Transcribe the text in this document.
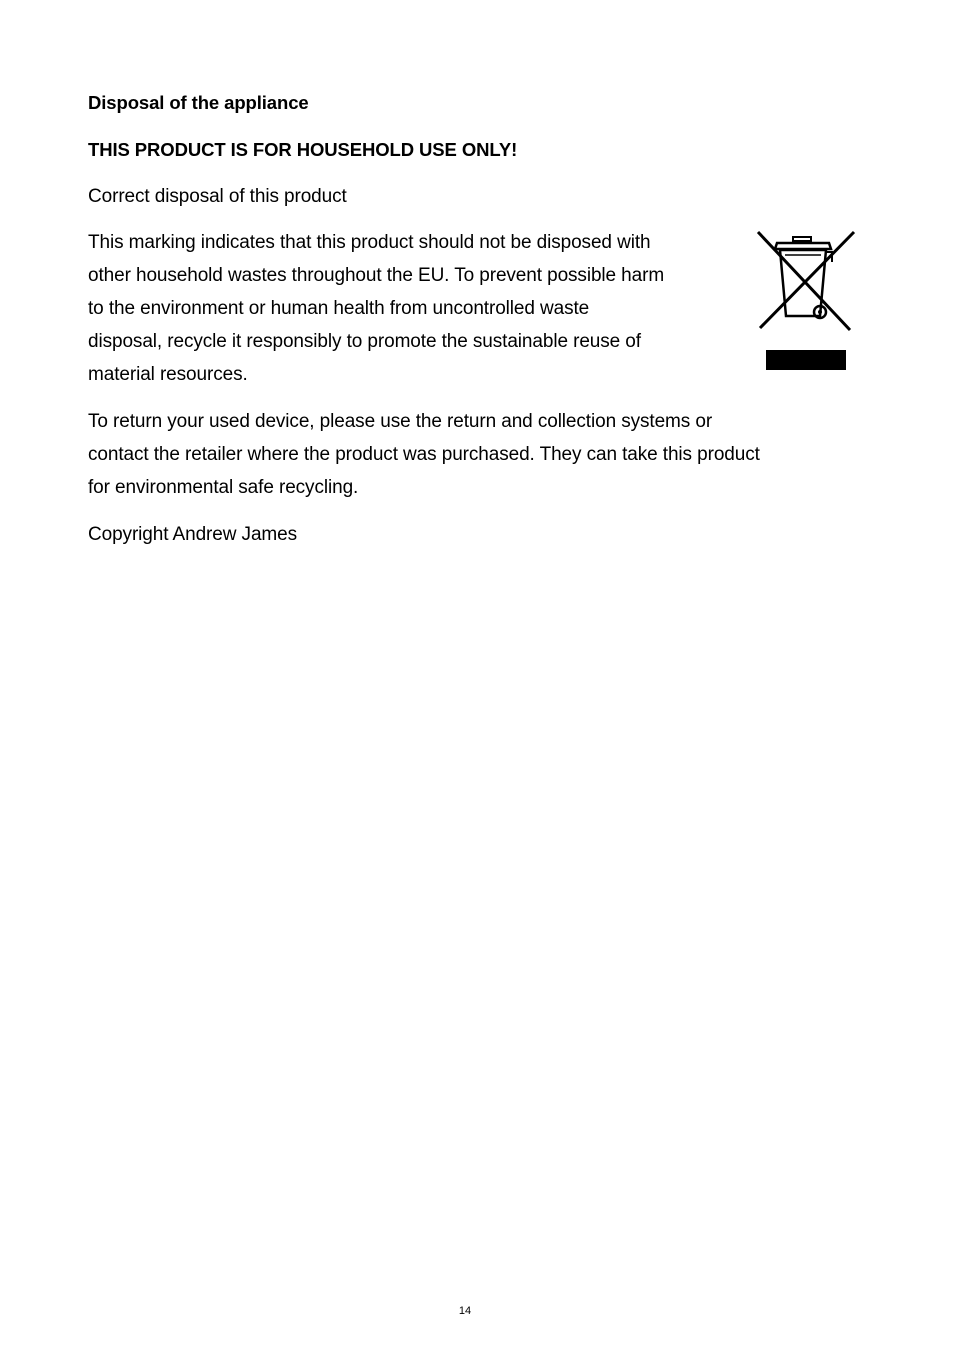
Disposal of the appliance

THIS PRODUCT IS FOR HOUSEHOLD USE ONLY!

Correct disposal of this product

This marking indicates that this product should not be disposed with
other household wastes throughout the EU. To prevent possible harm
to the environment or human health from uncontrolled waste
disposal, recycle it responsibly to promote the sustainable reuse of
material resources.

To return your used device, please use the return and collection systems or
contact the retailer where the product was purchased. They can take this product
for environmental safe recycling.

Copyright Andrew James

14
